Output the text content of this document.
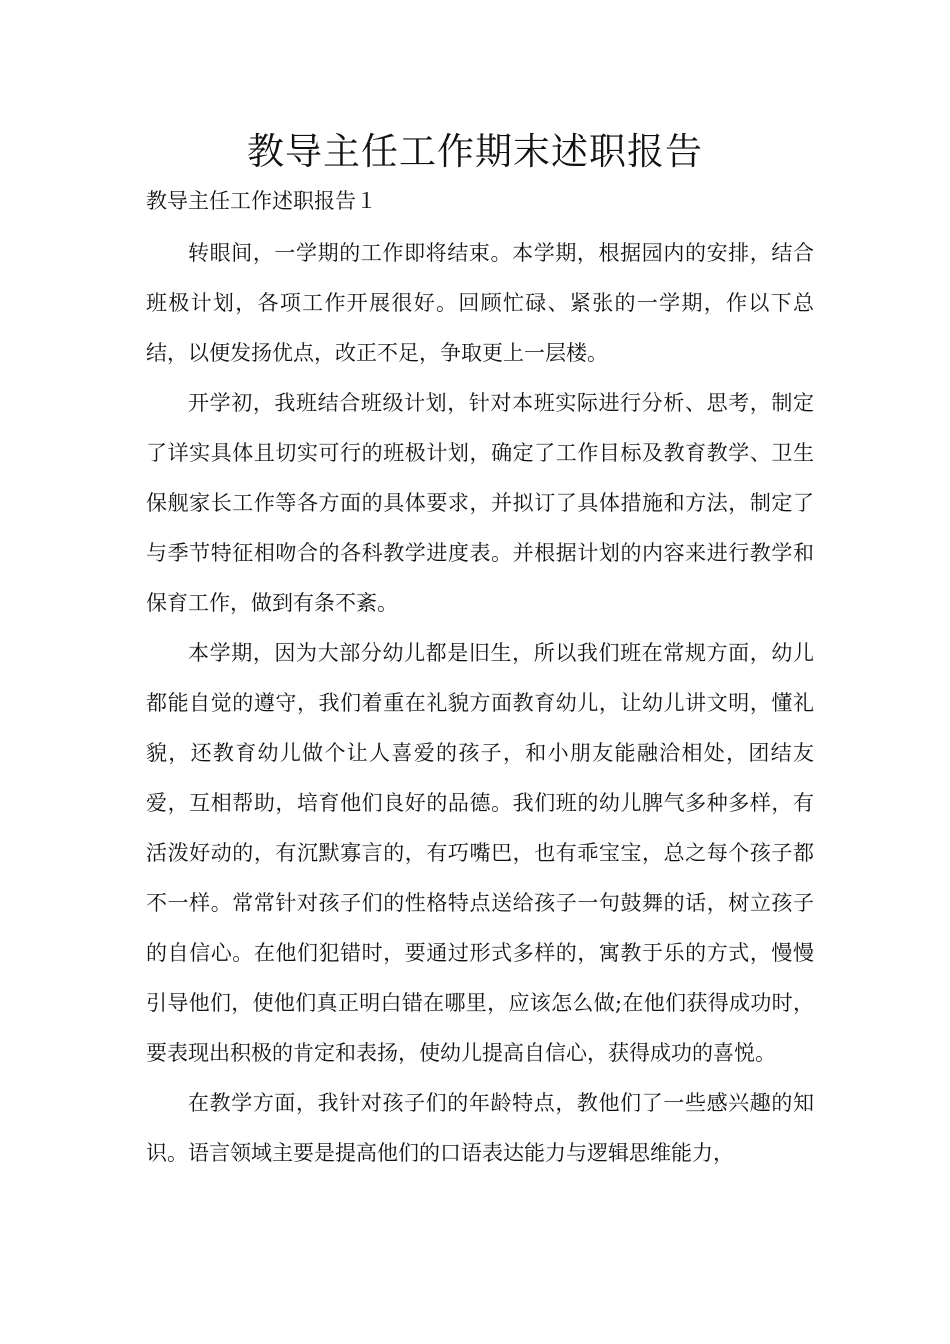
教导主任工作期末述职报告

教导主任工作述职报告１

转眼间，一学期的工作即将结束。本学期，根据园内的安排，结合班极计划，各项工作开展很好。回顾忙碌、紧张的一学期，作以下总结，以便发扬优点，改正不足，争取更上一层楼。

开学初，我班结合班级计划，针对本班实际进行分析、思考，制定了详实具体且切实可行的班极计划，确定了工作目标及教育教学、卫生保舰家长工作等各方面的具体要求，并拟订了具体措施和方法，制定了与季节特征相吻合的各科教学进度表。并根据计划的内容来进行教学和保育工作，做到有条不紊。

本学期，因为大部分幼儿都是旧生，所以我们班在常规方面，幼儿都能自觉的遵守，我们着重在礼貌方面教育幼儿，让幼儿讲文明，懂礼貌，还教育幼儿做个让人喜爱的孩子，和小朋友能融洽相处，团结友爱，互相帮助，培育他们良好的品德。我们班的幼儿脾气多种多样，有活泼好动的，有沉默寡言的，有巧嘴巴，也有乖宝宝，总之每个孩子都不一样。常常针对孩子们的性格特点送给孩子一句鼓舞的话，树立孩子的自信心。在他们犯错时，要通过形式多样的，寓教于乐的方式，慢慢引导他们，使他们真正明白错在哪里，应该怎么做;在他们获得成功时，要表现出积极的肯定和表扬，使幼儿提高自信心，获得成功的喜悦。

在教学方面，我针对孩子们的年龄特点，教他们了一些感兴趣的知识。语言领域主要是提高他们的口语表达能力与逻辑思维能力，
